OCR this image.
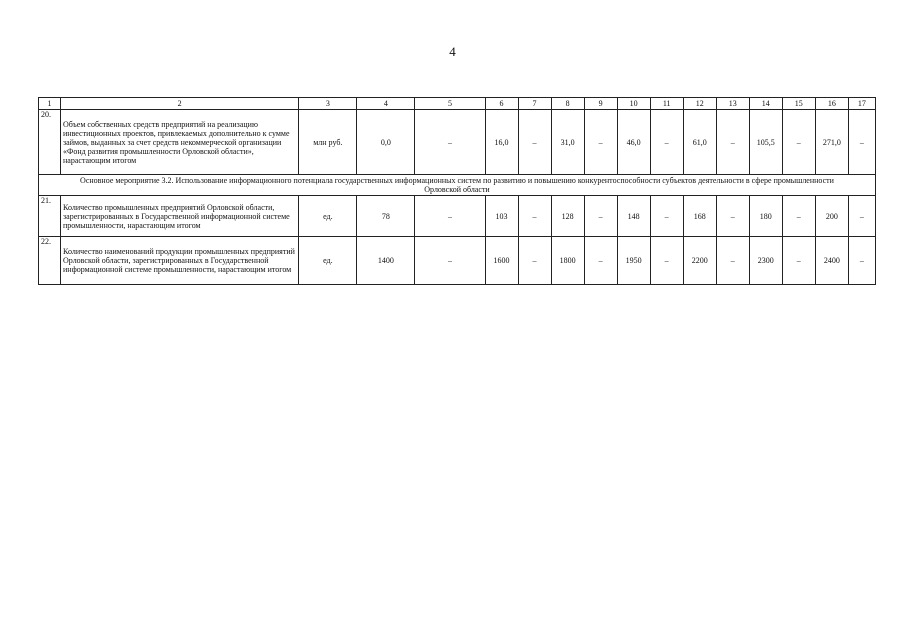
4
1	2	3	4	5	6	7	8	9	10	11	12	13	14	15	16	17
20.	Объем собственных средств предприятий на реализацию инвестиционных проектов, привлекаемых дополнительно к сумме займов, выданных за счет средств некоммерческой организации «Фонд развития промышленности Орловской области», нарастающим итогом	млн руб.	0,0	–	16,0	–	31,0	–	46,0	–	61,0	–	105,5	–	271,0	–
Основное мероприятие 3.2. Использование информационного потенциала государственных информационных систем по развитию и повышению конкурентоспособности субъектов деятельности в сфере промышленности Орловской области																
21.	Количество промышленных предприятий Орловской области, зарегистрированных в Государственной информационной системе промышленности, нарастающим итогом	ед.	78	–	103	–	128	–	148	–	168	–	180	–	200	–
22.	Количество наименований продукции промышленных предприятий Орловской области, зарегистрированных в Государственной информационной системе промышленности, нарастающим итогом	ед.	1400	–	1600	–	1800	–	1950	–	2200	–	2300	–	2400	–
